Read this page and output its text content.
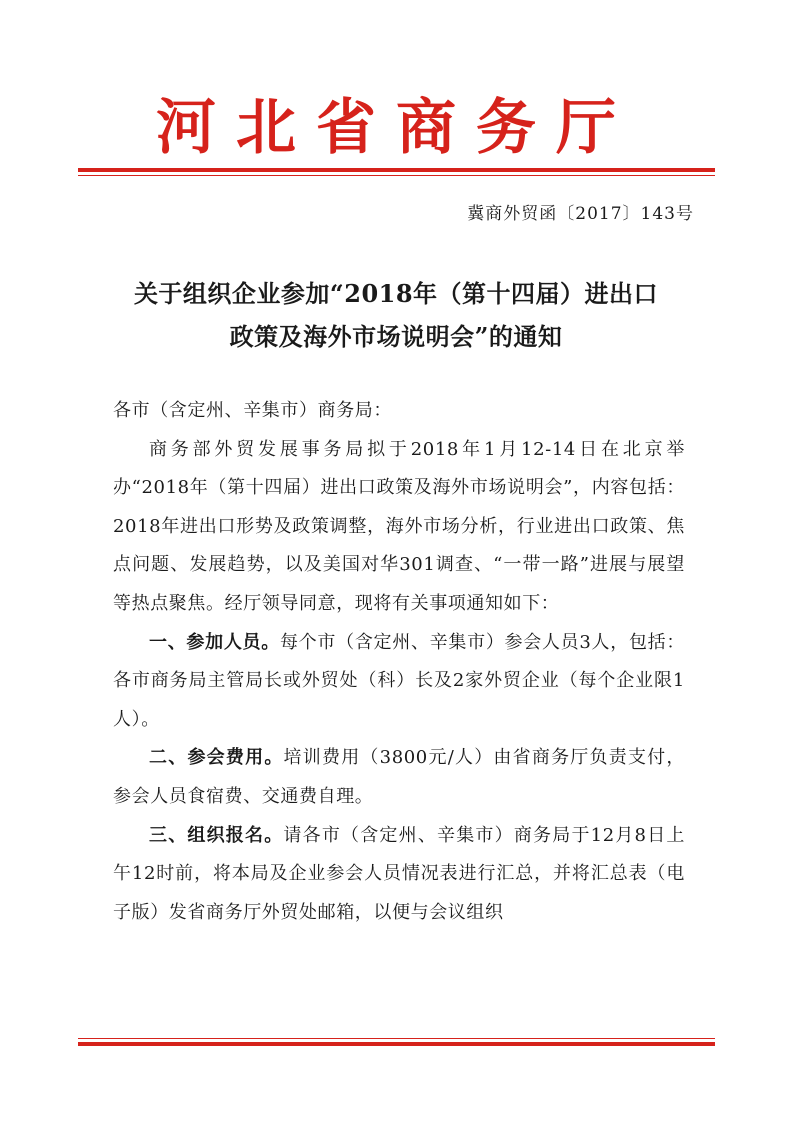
河北省商务厅
冀商外贸函〔2017〕143号
关于组织企业参加“2018年（第十四届）进出口
政策及海外市场说明会”的通知

各市（含定州、辛集市）商务局：

商务部外贸发展事务局拟于2018年1月12-14日在北京举办“2018年（第十四届）进出口政策及海外市场说明会”，内容包括：2018年进出口形势及政策调整，海外市场分析，行业进出口政策、焦点问题、发展趋势，以及美国对华301调查、“一带一路”进展与展望等热点聚焦。经厅领导同意，现将有关事项通知如下：

一、参加人员。每个市（含定州、辛集市）参会人员3人，包括：各市商务局主管局长或外贸处（科）长及2家外贸企业（每个企业限1人）。

二、参会费用。培训费用（3800元/人）由省商务厅负责支付，参会人员食宿费、交通费自理。

三、组织报名。请各市（含定州、辛集市）商务局于12月8日上午12时前，将本局及企业参会人员情况表进行汇总，并将汇总表（电子版）发省商务厅外贸处邮箱，以便与会议组织
